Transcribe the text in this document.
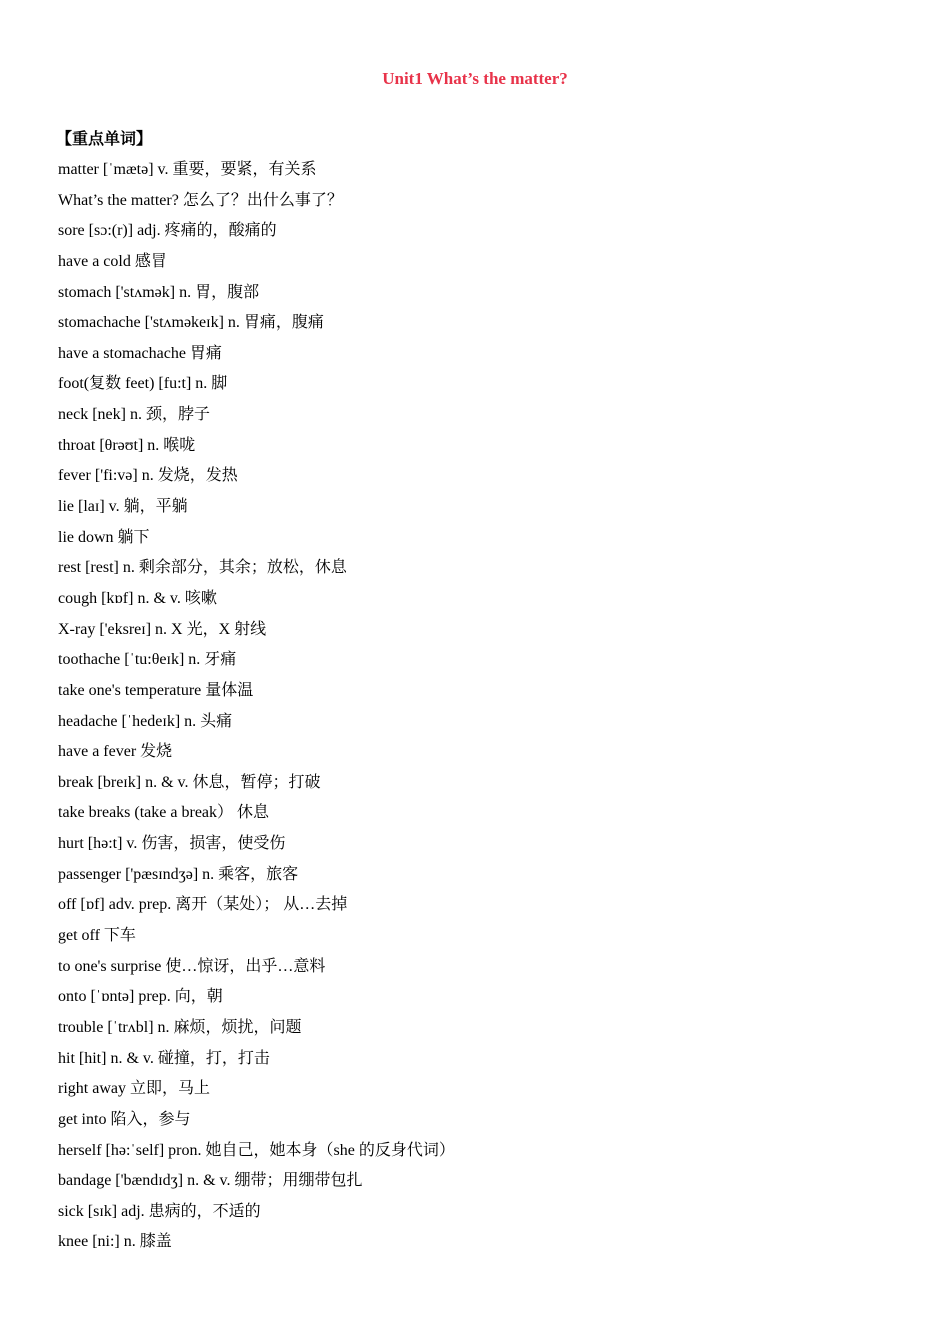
Unit1 What’s the matter?
【重点单词】
matter [ˈmætə] v. 重要，要紧，有关系
What’s the matter? 怎么了？出什么事了？
sore [sɔ:(r)] adj. 疼痛的，酸痛的
have a cold 感冒
stomach ['stʌmək] n. 胃，腹部
stomachache ['stʌməkeɪk] n. 胃痛，腹痛
have a stomachache 胃痛
foot(复数 feet) [fu:t] n. 脚
neck [nek] n. 颈，脖子
throat [θrəʊt] n. 喉咙
fever ['fi:və] n. 发烧，发热
lie [laɪ] v. 躺，平躺
lie down 躺下
rest [rest] n. 剩余部分，其余；放松，休息
cough [kɒf] n. & v. 咳嗽
X-ray ['eksreɪ] n. X 光，X 射线
toothache [ˈtu:θeɪk] n. 牙痛
take one's temperature 量体温
headache [ˈhedeɪk] n. 头痛
have a fever 发烧
break [breɪk] n. & v. 休息，暂停；打破
take breaks (take a break） 休息
hurt [hə:t] v. 伤害，损害，使受伤
passenger ['pæsɪndʒə] n. 乘客，旅客
off [ɒf] adv. prep. 离开（某处）； 从…去掉
get off 下车
to one's surprise 使…惊讶，出乎…意料
onto [ˈɒntə] prep. 向，朝
trouble [ˈtrʌbl] n. 麻烦，烦扰，问题
hit [hit] n. & v. 碰撞，打，打击
right away 立即，马上
get into 陷入，参与
herself [hə:ˈself] pron. 她自己，她本身（she 的反身代词）
bandage ['bændɪdʒ] n. & v. 绷带；用绷带包扎
sick [sɪk] adj. 患病的，不适的
knee [ni:] n. 膝盖
